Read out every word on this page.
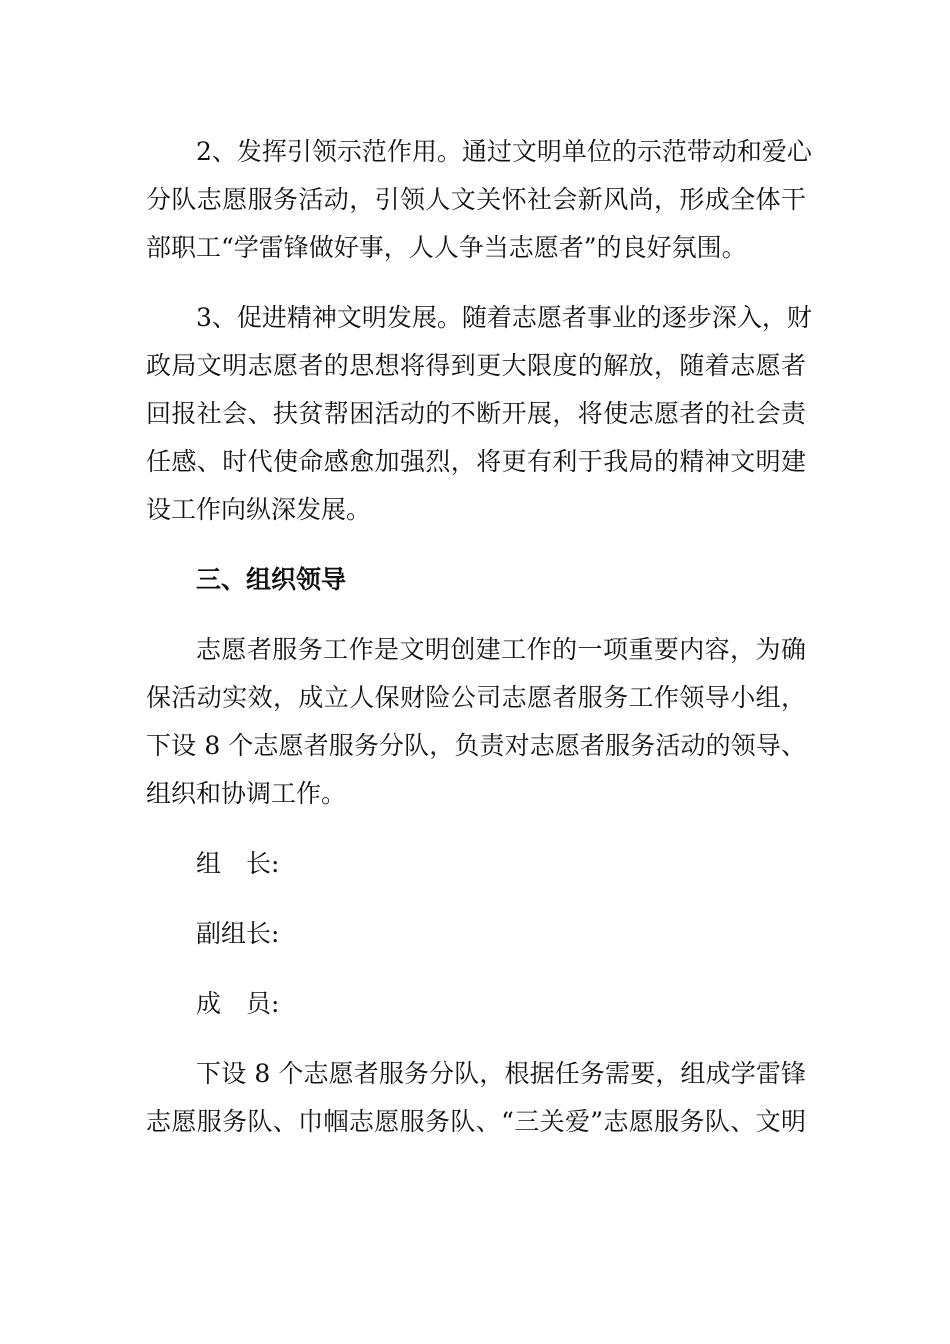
2、发挥引领示范作用。通过文明单位的示范带动和爱心
分队志愿服务活动，引领人文关怀社会新风尚，形成全体干
部职工“学雷锋做好事，人人争当志愿者”的良好氛围。
3、促进精神文明发展。随着志愿者事业的逐步深入，财
政局文明志愿者的思想将得到更大限度的解放，随着志愿者
回报社会、扶贫帮困活动的不断开展，将使志愿者的社会责
任感、时代使命感愈加强烈，将更有利于我局的精神文明建
设工作向纵深发展。
三、组织领导
志愿者服务工作是文明创建工作的一项重要内容，为确
保活动实效，成立人保财险公司志愿者服务工作领导小组，
下设 8 个志愿者服务分队，负责对志愿者服务活动的领导、
组织和协调工作。
组 长:
副组长:
成 员:
下设 8 个志愿者服务分队，根据任务需要，组成学雷锋
志愿服务队、巾帼志愿服务队、“三关爱”志愿服务队、文明
